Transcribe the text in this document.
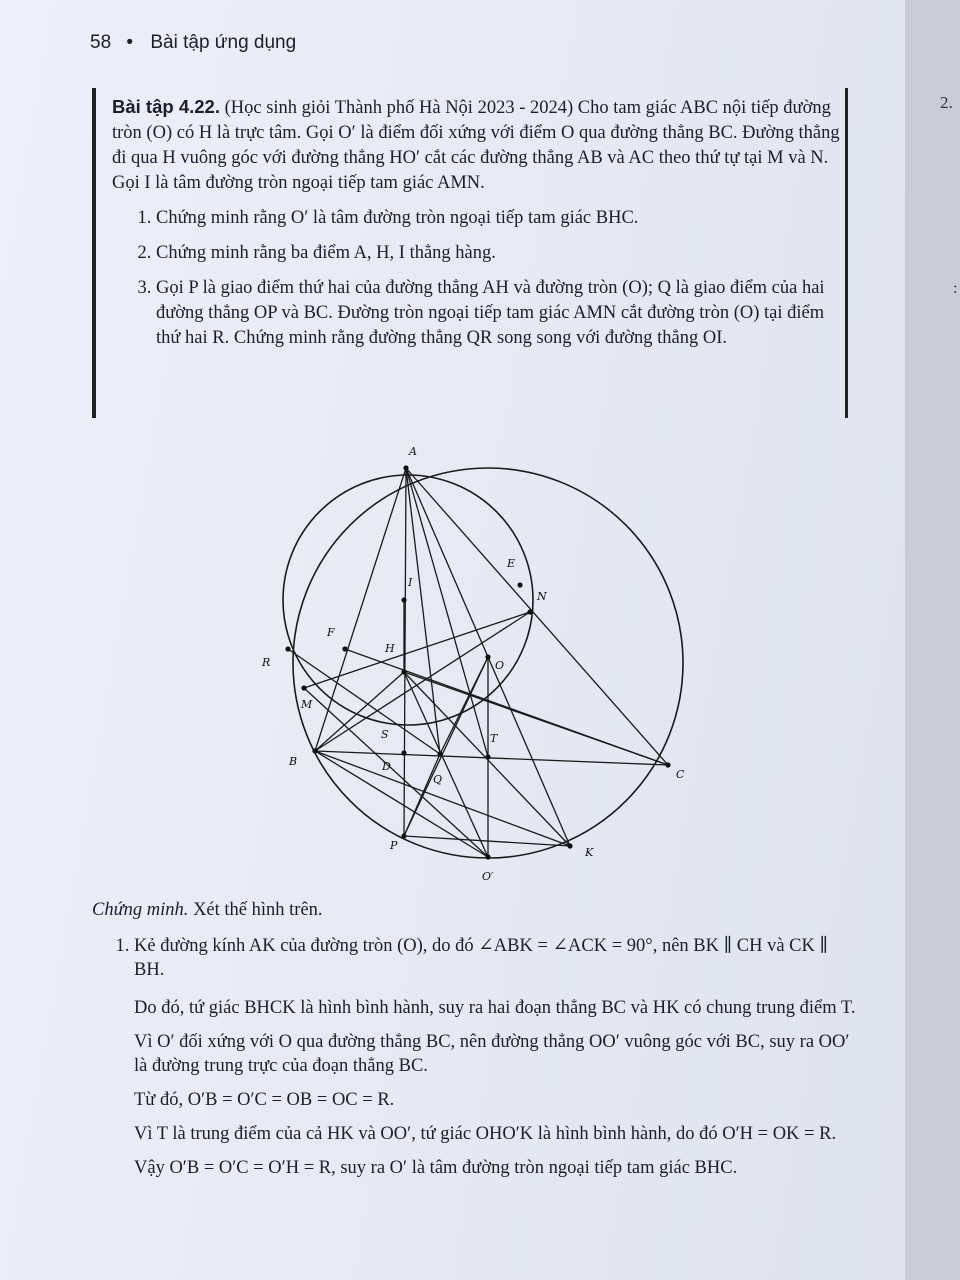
58 • Bài tập ứng dụng

Bài tập 4.22. (Học sinh giỏi Thành phố Hà Nội 2023 - 2024) Cho tam giác ABC nội tiếp đường tròn (O) có H là trực tâm. Gọi O′ là điểm đối xứng với điểm O qua đường thẳng BC. Đường thẳng đi qua H vuông góc với đường thẳng HO′ cắt các đường thẳng AB và AC theo thứ tự tại M và N. Gọi I là tâm đường tròn ngoại tiếp tam giác AMN.

1. Chứng minh rằng O′ là tâm đường tròn ngoại tiếp tam giác BHC.
2. Chứng minh rằng ba điểm A, H, I thẳng hàng.
3. Gọi P là giao điểm thứ hai của đường thẳng AH và đường tròn (O); Q là giao điểm của hai đường thẳng OP và BC. Đường tròn ngoại tiếp tam giác AMN cắt đường tròn (O) tại điểm thứ hai R. Chứng minh rằng đường thẳng QR song song với đường thẳng OI.
A
B
C
D
E
F
H
I
K
M
N
O
O′
P
Q
R
S	T

Chứng minh. Xét thế hình trên.

1. Kẻ đường kính AK của đường tròn (O), do đó ∠ABK = ∠ACK = 90°, nên BK ∥ CH và CK ∥ BH.

Do đó, tứ giác BHCK là hình bình hành, suy ra hai đoạn thẳng BC và HK có chung trung điểm T.

Vì O′ đối xứng với O qua đường thẳng BC, nên đường thẳng OO′ vuông góc với BC, suy ra OO′ là đường trung trực của đoạn thẳng BC.

Từ đó, O′B = O′C = OB = OC = R.

Vì T là trung điểm của cả HK và OO′, tứ giác OHO′K là hình bình hành, do đó O′H = OK = R.

Vậy O′B = O′C = O′H = R, suy ra O′ là tâm đường tròn ngoại tiếp tam giác BHC.

2.
:
